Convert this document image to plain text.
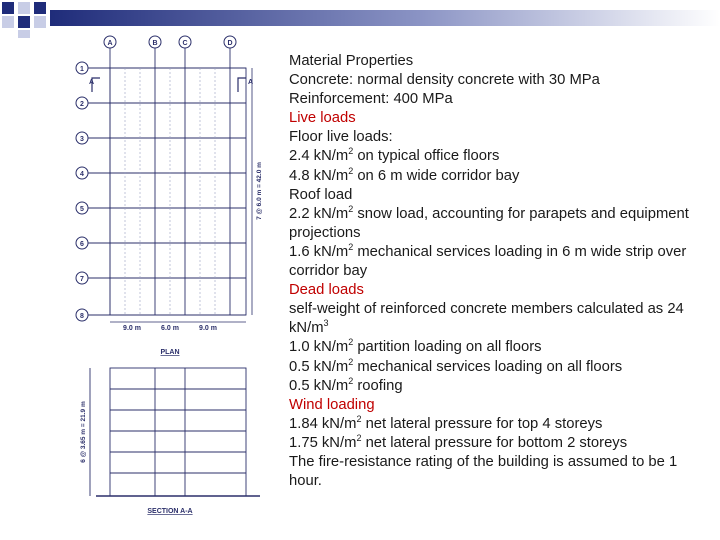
A	B	C	D
1
2
3
4
5
6
7
8
A	A
9.0 m	6.0 m	9.0 m
PLAN
SECTION A-A
7 @ 6.0 m = 42.0 m
6 @ 3.65 m = 21.9 m
Material Properties
Concrete: normal density concrete with 30 MPa
Reinforcement: 400 MPa
Live loads
Floor live loads:
2.4 $kN/m^2$ on typical office floors
4.8 $kN/m^2$ on 6 m wide corridor bay
Roof load
2.2 $kN/m^2$ snow load, accounting for parapets and equipment projections
1.6 $kN/m^2$ mechanical services loading in 6 m wide strip over corridor bay
Dead loads
self-weight of reinforced concrete members calculated as 24 $kN/m^3$
1.0 $kN/m^2$ partition loading on all floors
0.5 $kN/m^2$ mechanical services loading on all floors
0.5 $kN/m^2$ roofing
Wind loading
1.84 $kN/m^2$ net lateral pressure for top 4 storeys
1.75 $kN/m^2$ net lateral pressure for bottom 2 storeys
The fire-resistance rating of the building is assumed to be 1 hour.
